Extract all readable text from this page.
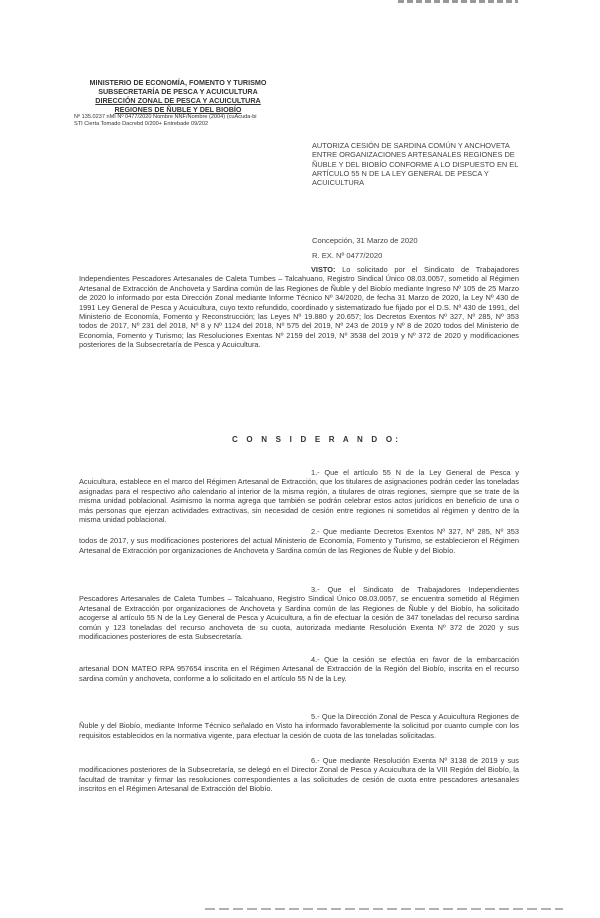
MINISTERIO DE ECONOMÍA, FOMENTO Y TURISMO
SUBSECRETARÍA DE PESCA Y ACUICULTURA
DIRECCIÓN ZONAL DE PESCA Y ACUICULTURA
REGIONES DE ÑUBLE Y DEL BIOBÍO
Nº 135.0237 nMI Nº 0477/2020 Nombre NNF/Nombre (2004) (cuAcuda-bi
STI Cierta Tomado Dacrebd 0/200+ Entrebade 09/202
AUTORIZA CESIÓN DE SARDINA COMÚN Y ANCHOVETA ENTRE ORGANIZACIONES ARTESANALES REGIONES DE ÑUBLE Y DEL BIOBÍO CONFORME A LO DISPUESTO EN EL ARTÍCULO 55 N DE LA LEY GENERAL DE PESCA Y ACUICULTURA
Concepción, 31 Marzo de 2020
R. EX. Nº 0477/2020
VISTO: Lo solicitado por el Sindicato de Trabajadores Independientes Pescadores Artesanales de Caleta Tumbes – Talcahuano, Registro Sindical Único 08.03.0057, sometido al Régimen Artesanal de Extracción de Anchoveta y Sardina común de las Regiones de Ñuble y del Biobío mediante Ingreso Nº 105 de 25 Marzo de 2020 lo informado por esta Dirección Zonal mediante Informe Técnico Nº 34/2020, de fecha 31 Marzo de 2020, la Ley Nº 430 de 1991 Ley General de Pesca y Acuicultura, cuyo texto refundido, coordinado y sistematizado fue fijado por el D.S. Nº 430 de 1991, del Ministerio de Economía, Fomento y Reconstrucción; las Leyes Nº 19.880 y 20.657; los Decretos Exentos Nº 327, Nº 285, Nº 353 todos de 2017, Nº 231 del 2018, Nº 8 y Nº 1124 del 2018, Nº 575 del 2019, Nº 243 de 2019 y Nº 8 de 2020 todos del Ministerio de Economía, Fomento y Turismo; las Resoluciones Exentas Nº 2159 del 2019, Nº 3538 del 2019 y Nº 372 de 2020 y modificaciones posteriores de la Subsecretaría de Pesca y Acuicultura.
C O N S I D E R A N D O:
1.- Que el artículo 55 N de la Ley General de Pesca y Acuicultura, establece en el marco del Régimen Artesanal de Extracción, que los titulares de asignaciones podrán ceder las toneladas asignadas para el respectivo año calendario al interior de la misma región, a titulares de otras regiones, siempre que se trate de la misma unidad poblacional. Asimismo la norma agrega que también se podrán celebrar estos actos jurídicos en beneficio de una o más personas que ejerzan actividades extractivas, sin necesidad de cesión entre regiones ni sometidos al régimen y dentro de la misma unidad poblacional.
2.- Que mediante Decretos Exentos Nº 327, Nº 285, Nº 353 todos de 2017, y sus modificaciones posteriores del actual Ministerio de Economía, Fomento y Turismo, se establecieron el Régimen Artesanal de Extracción por organizaciones de Anchoveta y Sardina común de las Regiones de Ñuble y del Biobío.
3.- Que el Sindicato de Trabajadores Independientes Pescadores Artesanales de Caleta Tumbes – Talcahuano, Registro Sindical Único 08.03.0057, se encuentra sometido al Régimen Artesanal de Extracción por organizaciones de Anchoveta y Sardina común de las Regiones de Ñuble y del Biobío, ha solicitado acogerse al artículo 55 N de la Ley General de Pesca y Acuicultura, a fin de efectuar la cesión de 347 toneladas del recurso sardina común y 123 toneladas del recurso anchoveta de su cuota, autorizada mediante Resolución Exenta Nº 372 de 2020 y sus modificaciones posteriores de esta Subsecretaría.
4.- Que la cesión se efectúa en favor de la embarcación artesanal DON MATEO RPA 957654 inscrita en el Régimen Artesanal de Extracción de la Región del Biobío, inscrita en el recurso sardina común y anchoveta, conforme a lo solicitado en el artículo 55 N de la Ley.
5.- Que la Dirección Zonal de Pesca y Acuicultura Regiones de Ñuble y del Biobío, mediante Informe Técnico señalado en Visto ha informado favorablemente la solicitud por cuanto cumple con los requisitos establecidos en la normativa vigente, para efectuar la cesión de cuota de las toneladas solicitadas.
6.- Que mediante Resolución Exenta Nº 3138 de 2019 y sus modificaciones posteriores de la Subsecretaría, se delegó en el Director Zonal de Pesca y Acuicultura de la VIII Región del Biobío, la facultad de tramitar y firmar las resoluciones correspondientes a las solicitudes de cesión de cuota entre pescadores artesanales inscritos en el Régimen Artesanal de Extracción del Biobío.
